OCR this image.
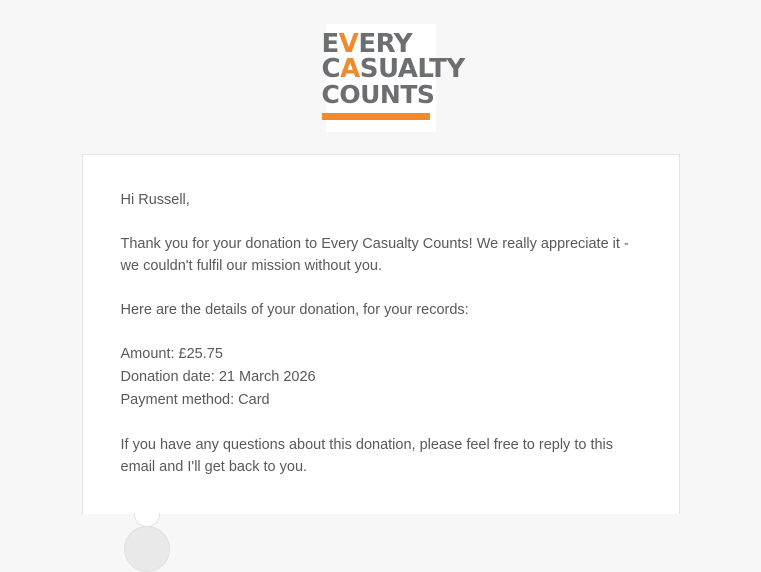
EVERY
CASUALTY
COUNTS

Hi Russell,

Thank you for your donation to Every Casualty Counts! We really appreciate it - we couldn't fulfil our mission without you.

Here are the details of your donation, for your records:

Amount: £25.75
Donation date: 21 March 2026
Payment method: Card

If you have any questions about this donation, please feel free to reply to this email and I'll get back to you.
